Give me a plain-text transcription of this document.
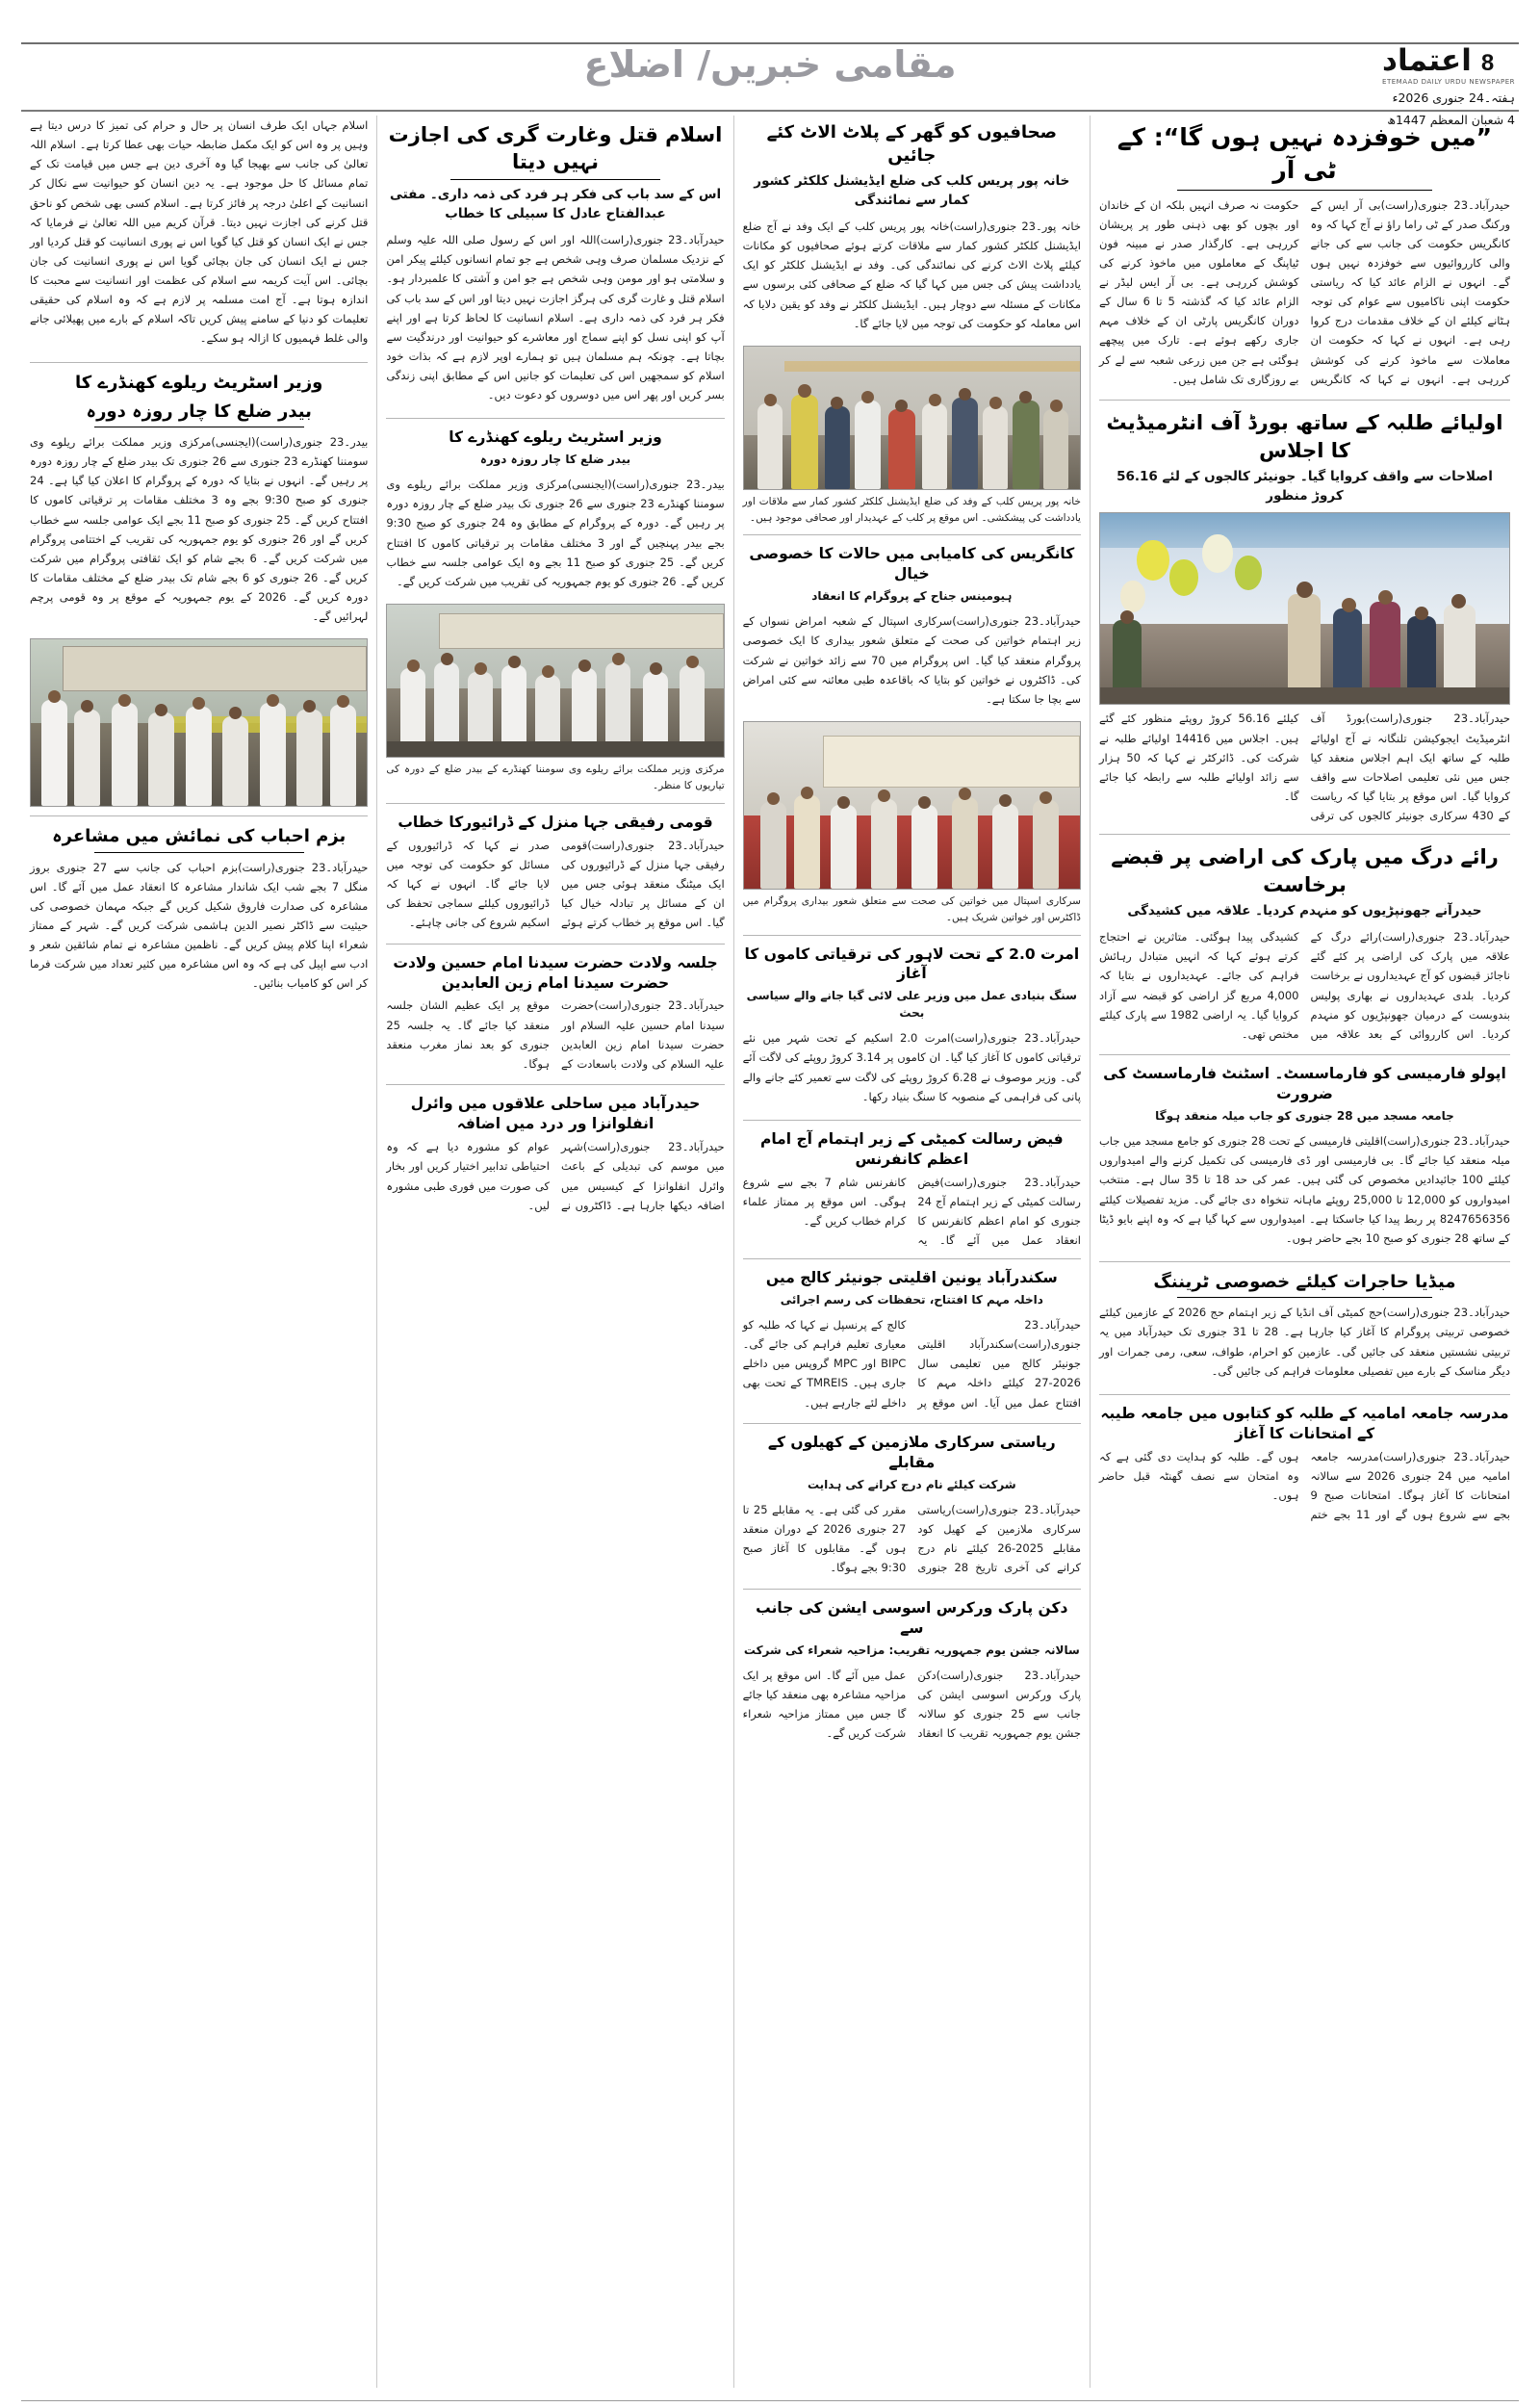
مقامی خبریں/ اضلاع	اعتماد 8
ETEMAAD DAILY URDU NEWSPAPER
ہفتہ۔24 جنوری 2026ء
4 شعبان المعظم 1447ھ
”میں خوفزدہ نہیں ہوں گا“: کے ٹی آر

حیدرآباد۔23 جنوری(راست)بی آر ایس کے ورکنگ صدر کے ٹی راما راؤ نے آج کہا کہ وہ کانگریس حکومت کی جانب سے کی جانے والی کارروائیوں سے خوفزدہ نہیں ہوں گے۔ انہوں نے الزام عائد کیا کہ ریاستی حکومت اپنی ناکامیوں سے عوام کی توجہ ہٹانے کیلئے ان کے خلاف مقدمات درج کروا رہی ہے۔ انہوں نے کہا کہ حکومت ان معاملات سے ماخوذ کرنے کی کوشش کررہی ہے۔ انہوں نے کہا کہ کانگریس حکومت نہ صرف انہیں بلکہ ان کے خاندان اور بچوں کو بھی ذہنی طور پر پریشان کررہی ہے۔ کارگذار صدر نے مبینہ فون ٹیاپنگ کے معاملوں میں ماخوذ کرنے کی کوشش کررہی ہے۔ بی آر ایس لیڈر نے الزام عائد کیا کہ گذشتہ 5 تا 6 سال کے دوران کانگریس پارٹی ان کے خلاف مہم جاری رکھے ہوئے ہے۔ تارک میں پیچھے ہوگئی ہے جن میں زرعی شعبہ سے لے کر بے روزگاری تک شامل ہیں۔

اولیائے طلبہ کے ساتھ بورڈ آف انٹرمیڈیٹ کا اجلاس
اصلاحات سے واقف کروایا گیا۔ جونیئر کالجوں کے لئے 56.16 کروڑ منظور

حیدرآباد۔23 جنوری(راست)بورڈ آف انٹرمیڈیٹ ایجوکیشن تلنگانہ نے آج اولیائے طلبہ کے ساتھ ایک اہم اجلاس منعقد کیا جس میں نئی تعلیمی اصلاحات سے واقف کروایا گیا۔ اس موقع پر بتایا گیا کہ ریاست کے 430 سرکاری جونیئر کالجوں کی ترقی کیلئے 56.16 کروڑ روپئے منظور کئے گئے ہیں۔ اجلاس میں 14416 اولیائے طلبہ نے شرکت کی۔ ڈائرکٹر نے کہا کہ 50 ہزار سے زائد اولیائے طلبہ سے رابطہ کیا جائے گا۔

رائے درگ میں پارک کی اراضی پر قبضے برخاست
حیدرآنے جھونپڑیوں کو منہدم کردیا۔ علاقہ میں کشیدگی

حیدرآباد۔23 جنوری(راست)رائے درگ کے علاقہ میں پارک کی اراضی پر کئے گئے ناجائز قبضوں کو آج عہدیداروں نے برخاست کردیا۔ بلدی عہدیداروں نے بھاری پولیس بندوبست کے درمیان جھونپڑیوں کو منہدم کردیا۔ اس کارروائی کے بعد علاقہ میں کشیدگی پیدا ہوگئی۔ متاثرین نے احتجاج کرتے ہوئے کہا کہ انہیں متبادل رہائش فراہم کی جائے۔ عہدیداروں نے بتایا کہ 4,000 مربع گز اراضی کو قبضہ سے آزاد کروایا گیا۔ یہ اراضی 1982 سے پارک کیلئے مختص تھی۔

اپولو فارمیسی کو فارماسسٹ۔ اسٹنٹ فارماسسٹ کی ضرورت
جامعہ مسجد میں 28 جنوری کو جاب میلہ منعقد ہوگا

حیدرآباد۔23 جنوری(راست)اقلیتی فارمیسی کے تحت 28 جنوری کو جامع مسجد میں جاب میلہ منعقد کیا جائے گا۔ بی فارمیسی اور ڈی فارمیسی کی تکمیل کرنے والے امیدواروں کیلئے 100 جائیدادیں مخصوص کی گئی ہیں۔ عمر کی حد 18 تا 35 سال ہے۔ منتخب امیدواروں کو 12,000 تا 25,000 روپئے ماہانہ تنخواہ دی جائے گی۔ مزید تفصیلات کیلئے 8247656356 پر ربط پیدا کیا جاسکتا ہے۔ امیدواروں سے کہا گیا ہے کہ وہ اپنے بایو ڈیٹا کے ساتھ 28 جنوری کو صبح 10 بجے حاضر ہوں۔

میڈیا حاجرات کیلئے خصوصی ٹریننگ

حیدرآباد۔23 جنوری(راست)حج کمیٹی آف انڈیا کے زیر اہتمام حج 2026 کے عازمین کیلئے خصوصی تربیتی پروگرام کا آغاز کیا جارہا ہے۔ 28 تا 31 جنوری تک حیدرآباد میں یہ تربیتی نشستیں منعقد کی جائیں گی۔ عازمین کو احرام، طواف، سعی، رمی جمرات اور دیگر مناسک کے بارے میں تفصیلی معلومات فراہم کی جائیں گی۔

مدرسہ جامعہ امامیہ کے طلبہ کو کتابوں میں جامعہ طیبہ کے امتحانات کا آغاز

حیدرآباد۔23 جنوری(راست)مدرسہ جامعہ امامیہ میں 24 جنوری 2026 سے سالانہ امتحانات کا آغاز ہوگا۔ امتحانات صبح 9 بجے سے شروع ہوں گے اور 11 بجے ختم ہوں گے۔ طلبہ کو ہدایت دی گئی ہے کہ وہ امتحان سے نصف گھنٹہ قبل حاضر ہوں۔

صحافیوں کو گھر کے پلاٹ الاٹ کئے جائیں
خانہ پور پریس کلب کی ضلع ایڈیشنل کلکٹر کشور کمار سے نمائندگی

خانہ پور۔23 جنوری(راست)خانہ پور پریس کلب کے ایک وفد نے آج ضلع ایڈیشنل کلکٹر کشور کمار سے ملاقات کرتے ہوئے صحافیوں کو مکانات کیلئے پلاٹ الاٹ کرنے کی نمائندگی کی۔ وفد نے ایڈیشنل کلکٹر کو ایک یادداشت پیش کی جس میں کہا گیا کہ ضلع کے صحافی کئی برسوں سے مکانات کے مسئلہ سے دوچار ہیں۔ ایڈیشنل کلکٹر نے وفد کو یقین دلایا کہ اس معاملہ کو حکومت کی توجہ میں لایا جائے گا۔

خانہ پور پریس کلب کے وفد کی ضلع ایڈیشنل کلکٹر کشور کمار سے ملاقات اور یادداشت کی پیشکشی۔ اس موقع پر کلب کے عہدیدار اور صحافی موجود ہیں۔
کانگریس کی کامیابی میں حالات کا خصوصی خیال
ہیومینس جناح کے پروگرام کا انعقاد

حیدرآباد۔23 جنوری(راست)سرکاری اسپتال کے شعبہ امراض نسواں کے زیر اہتمام خواتین کی صحت کے متعلق شعور بیداری کا ایک خصوصی پروگرام منعقد کیا گیا۔ اس پروگرام میں 70 سے زائد خواتین نے شرکت کی۔ ڈاکٹروں نے خواتین کو بتایا کہ باقاعدہ طبی معائنہ سے کئی امراض سے بچا جا سکتا ہے۔

سرکاری اسپتال میں خواتین کی صحت سے متعلق شعور بیداری پروگرام میں ڈاکٹرس اور خواتین شریک ہیں۔
امرت 2.0 کے تحت لاہور کی ترقیاتی کاموں کا آغاز
سنگ بنیادی عمل میں وزیر علی لائی گیا جانے والے سیاسی بحث

حیدرآباد۔23 جنوری(راست)امرت 2.0 اسکیم کے تحت شہر میں نئے ترقیاتی کاموں کا آغاز کیا گیا۔ ان کاموں پر 3.14 کروڑ روپئے کی لاگت آئے گی۔ وزیر موصوف نے 6.28 کروڑ روپئے کی لاگت سے تعمیر کئے جانے والے پانی کی فراہمی کے منصوبہ کا سنگ بنیاد رکھا۔

فیض رسالت کمیٹی کے زیر اہتمام آج امام اعظم کانفرنس

حیدرآباد۔23 جنوری(راست)فیض رسالت کمیٹی کے زیر اہتمام آج 24 جنوری کو امام اعظم کانفرنس کا انعقاد عمل میں آئے گا۔ یہ کانفرنس شام 7 بجے سے شروع ہوگی۔ اس موقع پر ممتاز علماء کرام خطاب کریں گے۔

سکندرآباد یونین اقلیتی جونیئر کالج میں
داخلہ مہم کا افتتاح، تحفظات کی رسم اجرائی

حیدرآباد۔23 جنوری(راست)سکندرآباد اقلیتی جونیئر کالج میں تعلیمی سال 2026-27 کیلئے داخلہ مہم کا افتتاح عمل میں آیا۔ اس موقع پر کالج کے پرنسپل نے کہا کہ طلبہ کو معیاری تعلیم فراہم کی جائے گی۔ BIPC اور MPC گروپس میں داخلے جاری ہیں۔ TMREIS کے تحت بھی داخلے لئے جارہے ہیں۔

ریاستی سرکاری ملازمین کے کھیلوں کے مقابلے
شرکت کیلئے نام درج کرانے کی ہدایت

حیدرآباد۔23 جنوری(راست)ریاستی سرکاری ملازمین کے کھیل کود مقابلے 2025-26 کیلئے نام درج کرانے کی آخری تاریخ 28 جنوری مقرر کی گئی ہے۔ یہ مقابلے 25 تا 27 جنوری 2026 کے دوران منعقد ہوں گے۔ مقابلوں کا آغاز صبح 9:30 بجے ہوگا۔

دکن پارک ورکرس اسوسی ایشن کی جانب سے
سالانہ جشن یوم جمہوریہ تقریب: مزاحیہ شعراء کی شرکت

حیدرآباد۔23 جنوری(راست)دکن پارک ورکرس اسوسی ایشن کی جانب سے 25 جنوری کو سالانہ جشن یوم جمہوریہ تقریب کا انعقاد عمل میں آئے گا۔ اس موقع پر ایک مزاحیہ مشاعرہ بھی منعقد کیا جائے گا جس میں ممتاز مزاحیہ شعراء شرکت کریں گے۔

اسلام قتل وغارت گری کی اجازت نہیں دیتا
اس کے سد باب کی فکر ہر فرد کی ذمہ داری۔ مفتی عبدالفتاح عادل کا سبیلی کا خطاب

حیدرآباد۔23 جنوری(راست)اللہ اور اس کے رسول صلی اللہ علیہ وسلم کے نزدیک مسلمان صرف وہی شخص ہے جو تمام انسانوں کیلئے پیکر امن و سلامتی ہو اور مومن وہی شخص ہے جو امن و آشتی کا علمبردار ہو۔ اسلام قتل و غارت گری کی ہرگز اجازت نہیں دیتا اور اس کے سد باب کی فکر ہر فرد کی ذمہ داری ہے۔ اسلام انسانیت کا لحاظ کرتا ہے اور اپنے آپ کو اپنی نسل کو اپنے سماج اور معاشرے کو حیوانیت اور درندگیت سے بچاتا ہے۔ چونکہ ہم مسلمان ہیں تو ہمارے اوپر لازم ہے کہ بذات خود اسلام کو سمجھیں اس کی تعلیمات کو جانیں اس کے مطابق اپنی زندگی بسر کریں اور پھر اس میں دوسروں کو دعوت دیں۔

وزیر اسٹریٹ ریلوے کھنڈرے کا
بیدر ضلع کا چار روزہ دورہ

بیدر۔23 جنوری(راست)(ایجنسی)مرکزی وزیر مملکت برائے ریلوے وی سومننا کھنڈرے 23 جنوری سے 26 جنوری تک بیدر ضلع کے چار روزہ دورہ پر رہیں گے۔ دورہ کے پروگرام کے مطابق وہ 24 جنوری کو صبح 9:30 بجے بیدر پہنچیں گے اور 3 مختلف مقامات پر ترقیاتی کاموں کا افتتاح کریں گے۔ 25 جنوری کو صبح 11 بجے وہ ایک عوامی جلسہ سے خطاب کریں گے۔ 26 جنوری کو یوم جمہوریہ کی تقریب میں شرکت کریں گے۔

مرکزی وزیر مملکت برائے ریلوے وی سومننا کھنڈرے کے بیدر ضلع کے دورہ کی تیاریوں کا منظر۔
قومی رفیقی جہا منزل کے ڈرائیورکا خطاب

حیدرآباد۔23 جنوری(راست)قومی رفیقی جہا منزل کے ڈرائیوروں کی ایک میٹنگ منعقد ہوئی جس میں ان کے مسائل پر تبادلہ خیال کیا گیا۔ اس موقع پر خطاب کرتے ہوئے صدر نے کہا کہ ڈرائیوروں کے مسائل کو حکومت کی توجہ میں لایا جائے گا۔ انہوں نے کہا کہ ڈرائیوروں کیلئے سماجی تحفظ کی اسکیم شروع کی جانی چاہئے۔

جلسہ ولادت حضرت سیدنا امام حسین ولادت حضرت سیدنا امام زین العابدین

حیدرآباد۔23 جنوری(راست)حضرت سیدنا امام حسین علیہ السلام اور حضرت سیدنا امام زین العابدین علیہ السلام کی ولادت باسعادت کے موقع پر ایک عظیم الشان جلسہ منعقد کیا جائے گا۔ یہ جلسہ 25 جنوری کو بعد نماز مغرب منعقد ہوگا۔

حیدرآباد میں ساحلی علاقوں میں وائرل انفلوانزا ور درد میں اضافہ

حیدرآباد۔23 جنوری(راست)شہر میں موسم کی تبدیلی کے باعث وائرل انفلوانزا کے کیسیس میں اضافہ دیکھا جارہا ہے۔ ڈاکٹروں نے عوام کو مشورہ دیا ہے کہ وہ احتیاطی تدابیر اختیار کریں اور بخار کی صورت میں فوری طبی مشورہ لیں۔

اسلام جہاں ایک طرف انسان پر حال و حرام کی تمیز کا درس دیتا ہے وہیں پر وہ اس کو ایک مکمل ضابطہ حیات بھی عطا کرتا ہے۔ اسلام اللہ تعالیٰ کی جانب سے بھیجا گیا وہ آخری دین ہے جس میں قیامت تک کے تمام مسائل کا حل موجود ہے۔ یہ دین انسان کو حیوانیت سے نکال کر انسانیت کے اعلیٰ درجہ پر فائز کرتا ہے۔ اسلام کسی بھی شخص کو ناحق قتل کرنے کی اجازت نہیں دیتا۔ قرآن کریم میں اللہ تعالیٰ نے فرمایا کہ جس نے ایک انسان کو قتل کیا گویا اس نے پوری انسانیت کو قتل کردیا اور جس نے ایک انسان کی جان بچائی گویا اس نے پوری انسانیت کی جان بچائی۔ اس آیت کریمہ سے اسلام کی عظمت اور انسانیت سے محبت کا اندازہ ہوتا ہے۔ آج امت مسلمہ پر لازم ہے کہ وہ اسلام کی حقیقی تعلیمات کو دنیا کے سامنے پیش کریں تاکہ اسلام کے بارے میں پھیلائی جانے والی غلط فہمیوں کا ازالہ ہو سکے۔

وزیر اسٹریٹ ریلوے کھنڈرے کا
بیدر ضلع کا چار روزہ دورہ

بیدر۔23 جنوری(راست)(ایجنسی)مرکزی وزیر مملکت برائے ریلوے وی سومننا کھنڈرے 23 جنوری سے 26 جنوری تک بیدر ضلع کے چار روزہ دورہ پر رہیں گے۔ انہوں نے بتایا کہ دورہ کے پروگرام کا اعلان کیا گیا ہے۔ 24 جنوری کو صبح 9:30 بجے وہ 3 مختلف مقامات پر ترقیاتی کاموں کا افتتاح کریں گے۔ 25 جنوری کو صبح 11 بجے ایک عوامی جلسہ سے خطاب کریں گے اور 26 جنوری کو یوم جمہوریہ کی تقریب کے اختتامی پروگرام میں شرکت کریں گے۔ 6 بجے شام کو ایک ثقافتی پروگرام میں شرکت کریں گے۔ 26 جنوری کو 6 بجے شام تک بیدر ضلع کے مختلف مقامات کا دورہ کریں گے۔ 2026 کے یوم جمہوریہ کے موقع پر وہ قومی پرچم لہرائیں گے۔

بزم احباب کی نمائش میں مشاعرہ

حیدرآباد۔23 جنوری(راست)بزم احباب کی جانب سے 27 جنوری بروز منگل 7 بجے شب ایک شاندار مشاعرہ کا انعقاد عمل میں آئے گا۔ اس مشاعرہ کی صدارت فاروق شکیل کریں گے جبکہ مہمان خصوصی کی حیثیت سے ڈاکٹر نصیر الدین ہاشمی شرکت کریں گے۔ شہر کے ممتاز شعراء اپنا کلام پیش کریں گے۔ ناظمین مشاعرہ نے تمام شائقین شعر و ادب سے اپیل کی ہے کہ وہ اس مشاعرہ میں کثیر تعداد میں شرکت فرما کر اس کو کامیاب بنائیں۔
